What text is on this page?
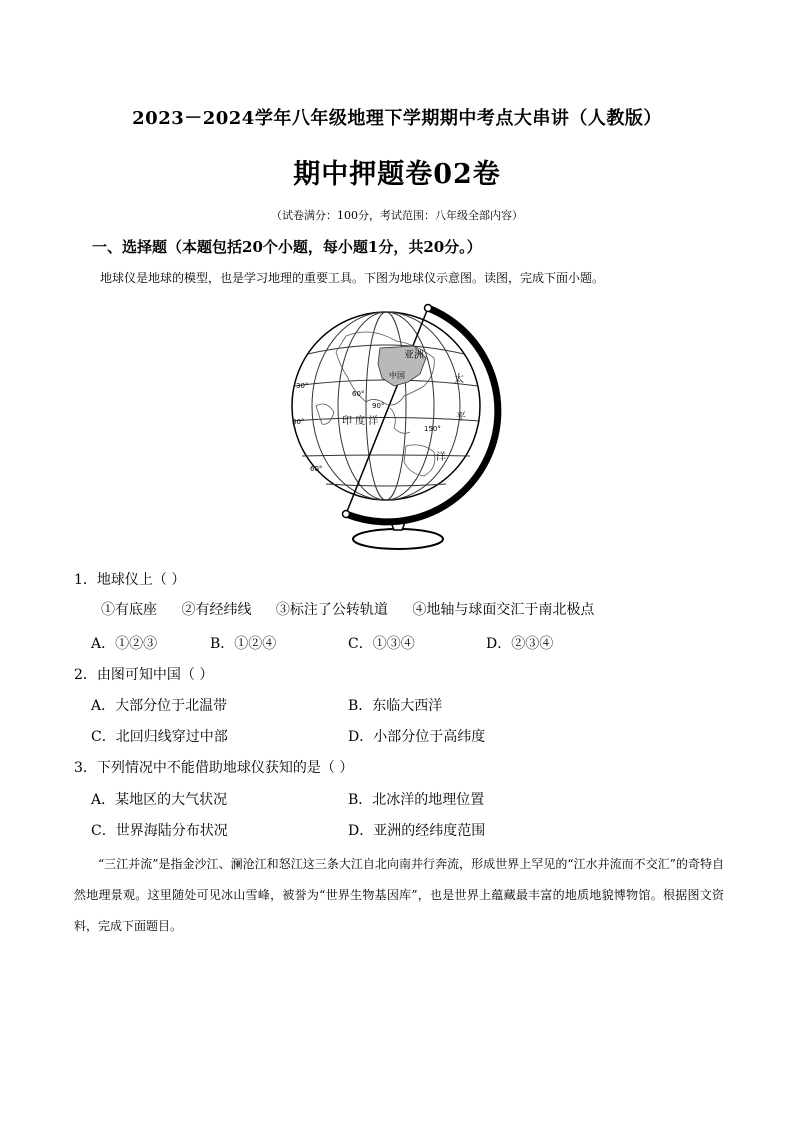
2023－2024学年八年级地理下学期期中考点大串讲（人教版）
期中押题卷02卷
（试卷满分：100分，考试范围：八年级全部内容）
一、选择题（本题包括20个小题，每小题1分，共20分。）
地球仪是地球的模型，也是学习地理的重要工具。下图为地球仪示意图。读图，完成下面小题。
亚洲
中国	太
平
洋
印 度 洋
30°
30°
60°
60°
90°
150°
1．地球仪上（ ）
①有底座 ②有经纬线 ③标注了公转轨道 ④地轴与球面交汇于南北极点
A．①②③	B．①②④	C．①③④	D．②③④
2．由图可知中国（ ）
A．大部分位于北温带	B．东临大西洋
C．北回归线穿过中部	D．小部分位于高纬度
3．下列情况中不能借助地球仪获知的是（ ）
A．某地区的大气状况	B．北冰洋的地理位置
C．世界海陆分布状况	D．亚洲的经纬度范围
“三江并流”是指金沙江、澜沧江和怒江这三条大江自北向南并行奔流，形成世界上罕见的“江水并流而不交汇”的奇特自然地理景观。这里随处可见冰山雪峰，被誉为“世界生物基因库”，也是世界上蕴藏最丰富的地质地貌博物馆。根据图文资料，完成下面题目。
